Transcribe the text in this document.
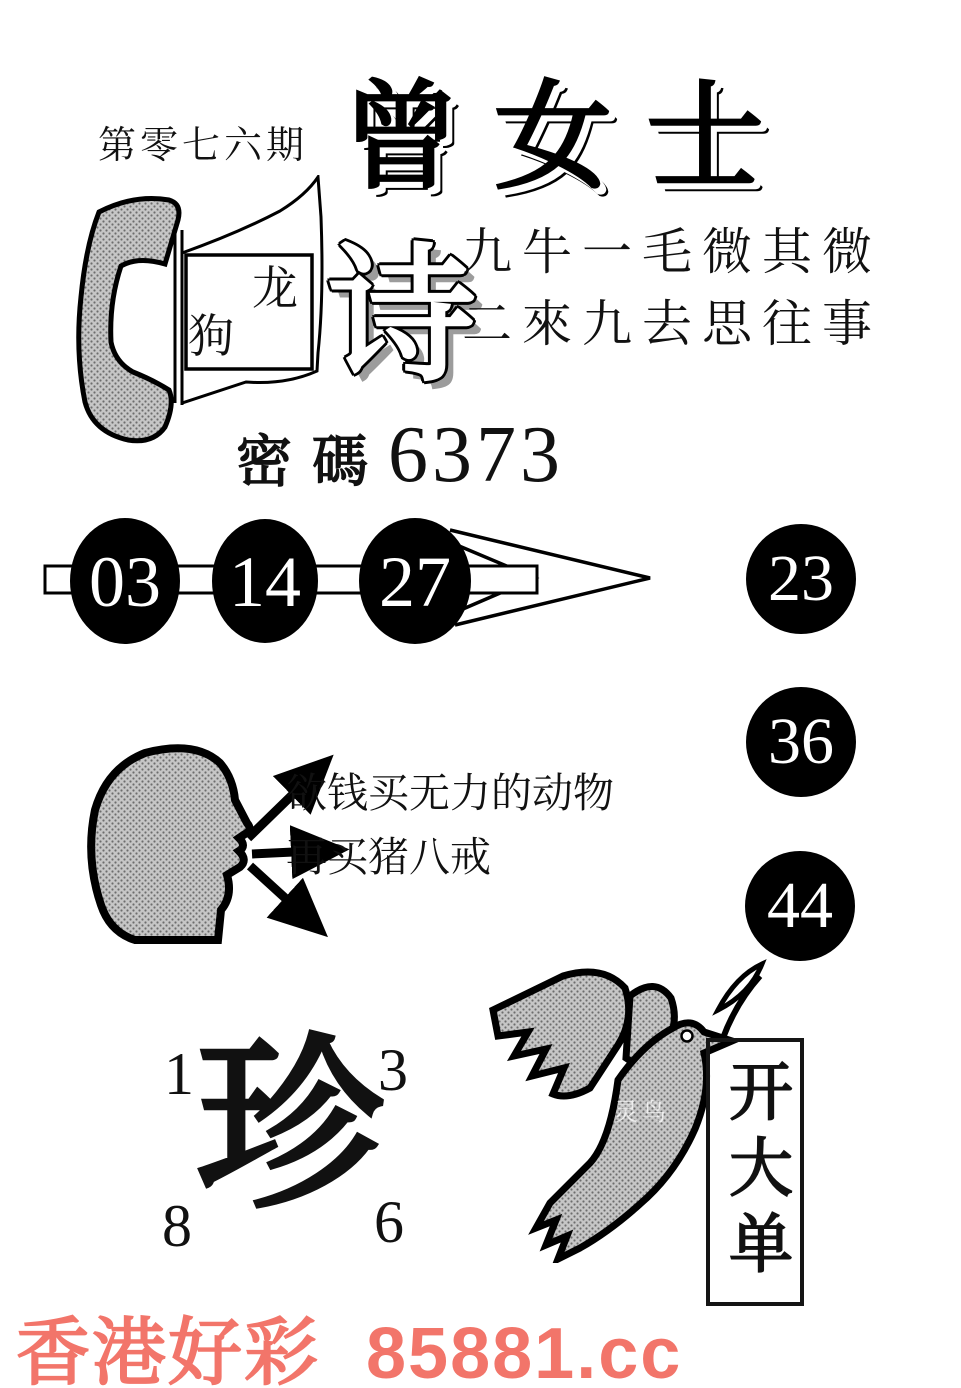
第零七六期 曾女士
龙
狗 诗
九牛一毛微其微
二來九去思往事
密碼 6373
03 14 27	23
36
44
欲钱买无力的动物
再买猪八戒
1	3
8	6
珍	百灵鸟 开大单
香港好彩 85881.cc
